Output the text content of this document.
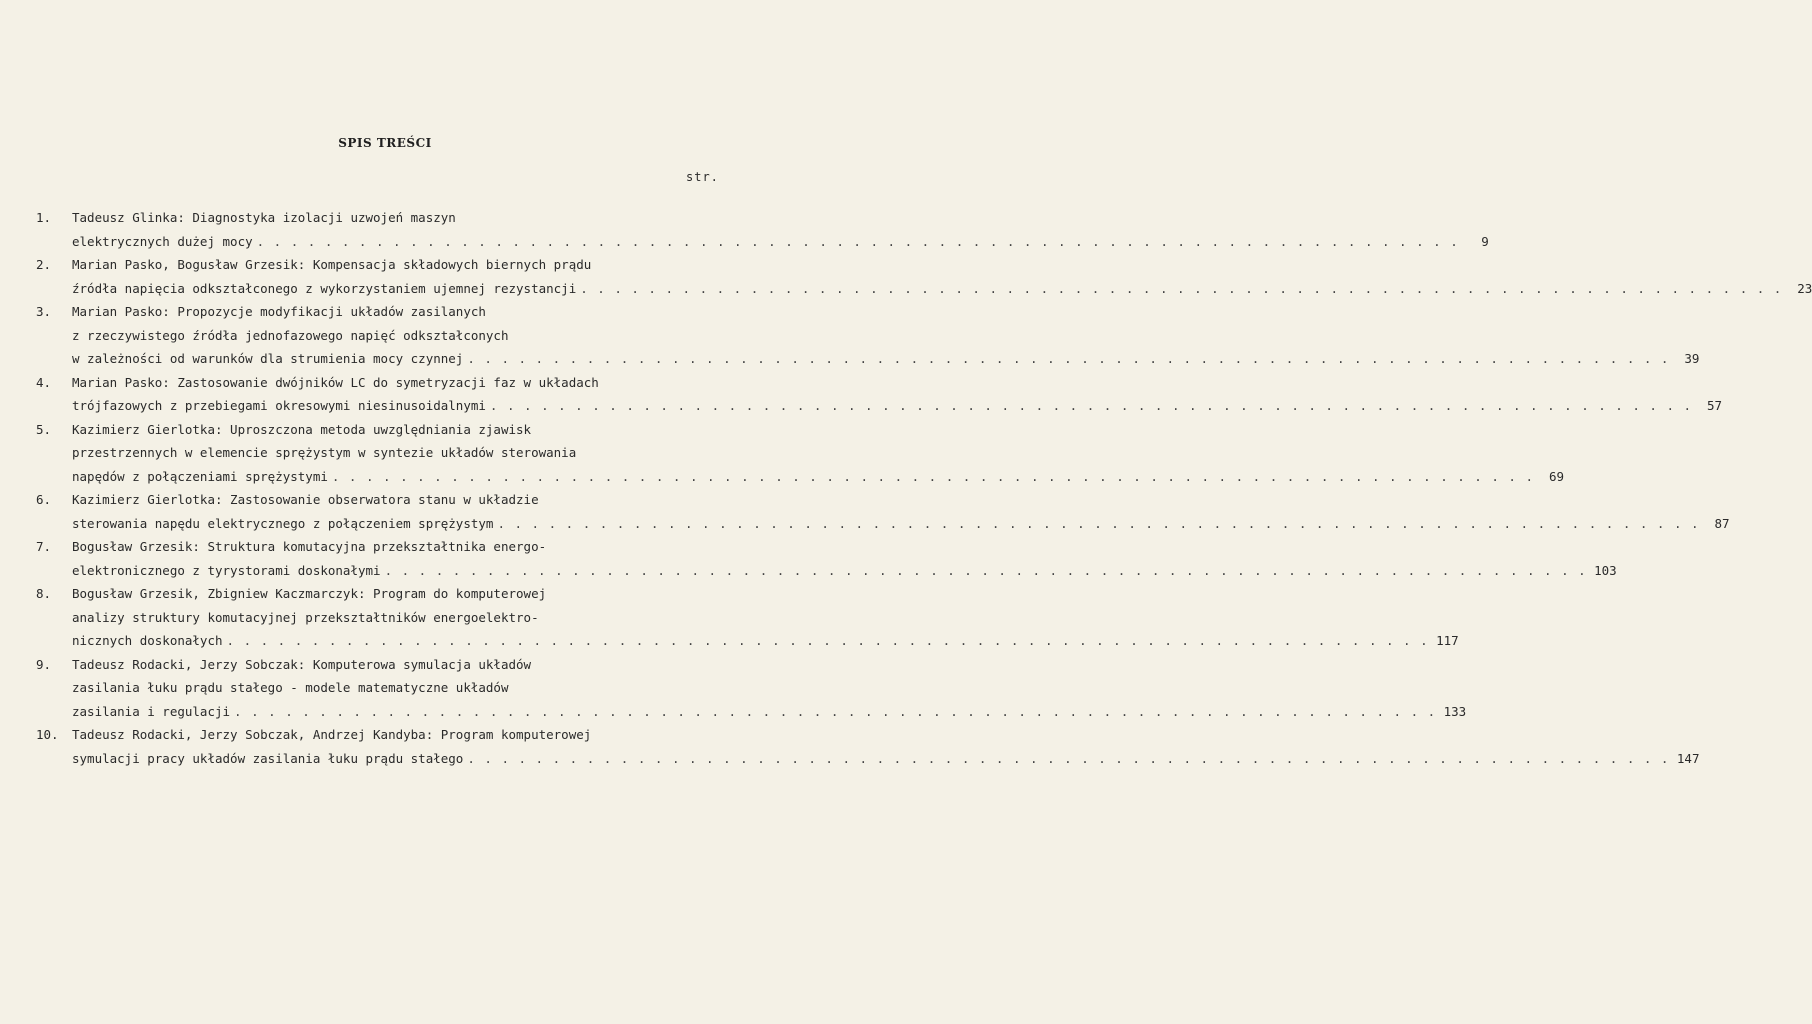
SPIS TREŚCI
str.
1.	Tadeusz Glinka: Diagnostyka izolacji uzwojeń maszyn
elektrycznych dużej mocy . . . . . . . . . . . . . . . . . . . . . . . . . . . . . . . . . . . . . . . . . . . . . . . . . . . . . . . . . . . . . . . . . . . . . . .	9
2.	Marian Pasko, Bogusław Grzesik: Kompensacja składowych biernych prądu
źródła napięcia odkształconego z wykorzystaniem ujemnej rezystancji . . . . . . . . . . . . . . . . . . . . . . . . . . . . . . . . . . . . . . . . . . . . . . . . . . . . . . . . . . . . . . . . . . . . . . .	23
3.	Marian Pasko: Propozycje modyfikacji układów zasilanych
z rzeczywistego źródła jednofazowego napięć odkształconych
w zależności od warunków dla strumienia mocy czynnej . . . . . . . . . . . . . . . . . . . . . . . . . . . . . . . . . . . . . . . . . . . . . . . . . . . . . . . . . . . . . . . . . . . . . . .	39
4.	Marian Pasko: Zastosowanie dwójników LC do symetryzacji faz w układach
trójfazowych z przebiegami okresowymi niesinusoidalnymi . . . . . . . . . . . . . . . . . . . . . . . . . . . . . . . . . . . . . . . . . . . . . . . . . . . . . . . . . . . . . . . . . . . . . . .	57
5.	Kazimierz Gierlotka: Uproszczona metoda uwzględniania zjawisk
przestrzennych w elemencie sprężystym w syntezie układów sterowania
napędów z połączeniami sprężystymi . . . . . . . . . . . . . . . . . . . . . . . . . . . . . . . . . . . . . . . . . . . . . . . . . . . . . . . . . . . . . . . . . . . . . . .	69
6.	Kazimierz Gierlotka: Zastosowanie obserwatora stanu w układzie
sterowania napędu elektrycznego z połączeniem sprężystym . . . . . . . . . . . . . . . . . . . . . . . . . . . . . . . . . . . . . . . . . . . . . . . . . . . . . . . . . . . . . . . . . . . . . . .	87
7.	Bogusław Grzesik: Struktura komutacyjna przekształtnika energo-
elektronicznego z tyrystorami doskonałymi . . . . . . . . . . . . . . . . . . . . . . . . . . . . . . . . . . . . . . . . . . . . . . . . . . . . . . . . . . . . . . . . . . . . . . . 103
8.	Bogusław Grzesik, Zbigniew Kaczmarczyk: Program do komputerowej
analizy struktury komutacyjnej przekształtników energoelektro-
nicznych doskonałych . . . . . . . . . . . . . . . . . . . . . . . . . . . . . . . . . . . . . . . . . . . . . . . . . . . . . . . . . . . . . . . . . . . . . . . 117
9.	Tadeusz Rodacki, Jerzy Sobczak: Komputerowa symulacja układów
zasilania łuku prądu stałego - modele matematyczne układów
zasilania i regulacji . . . . . . . . . . . . . . . . . . . . . . . . . . . . . . . . . . . . . . . . . . . . . . . . . . . . . . . . . . . . . . . . . . . . . . . 133
10.	Tadeusz Rodacki, Jerzy Sobczak, Andrzej Kandyba: Program komputerowej
symulacji pracy układów zasilania łuku prądu stałego . . . . . . . . . . . . . . . . . . . . . . . . . . . . . . . . . . . . . . . . . . . . . . . . . . . . . . . . . . . . . . . . . . . . . . . 147
